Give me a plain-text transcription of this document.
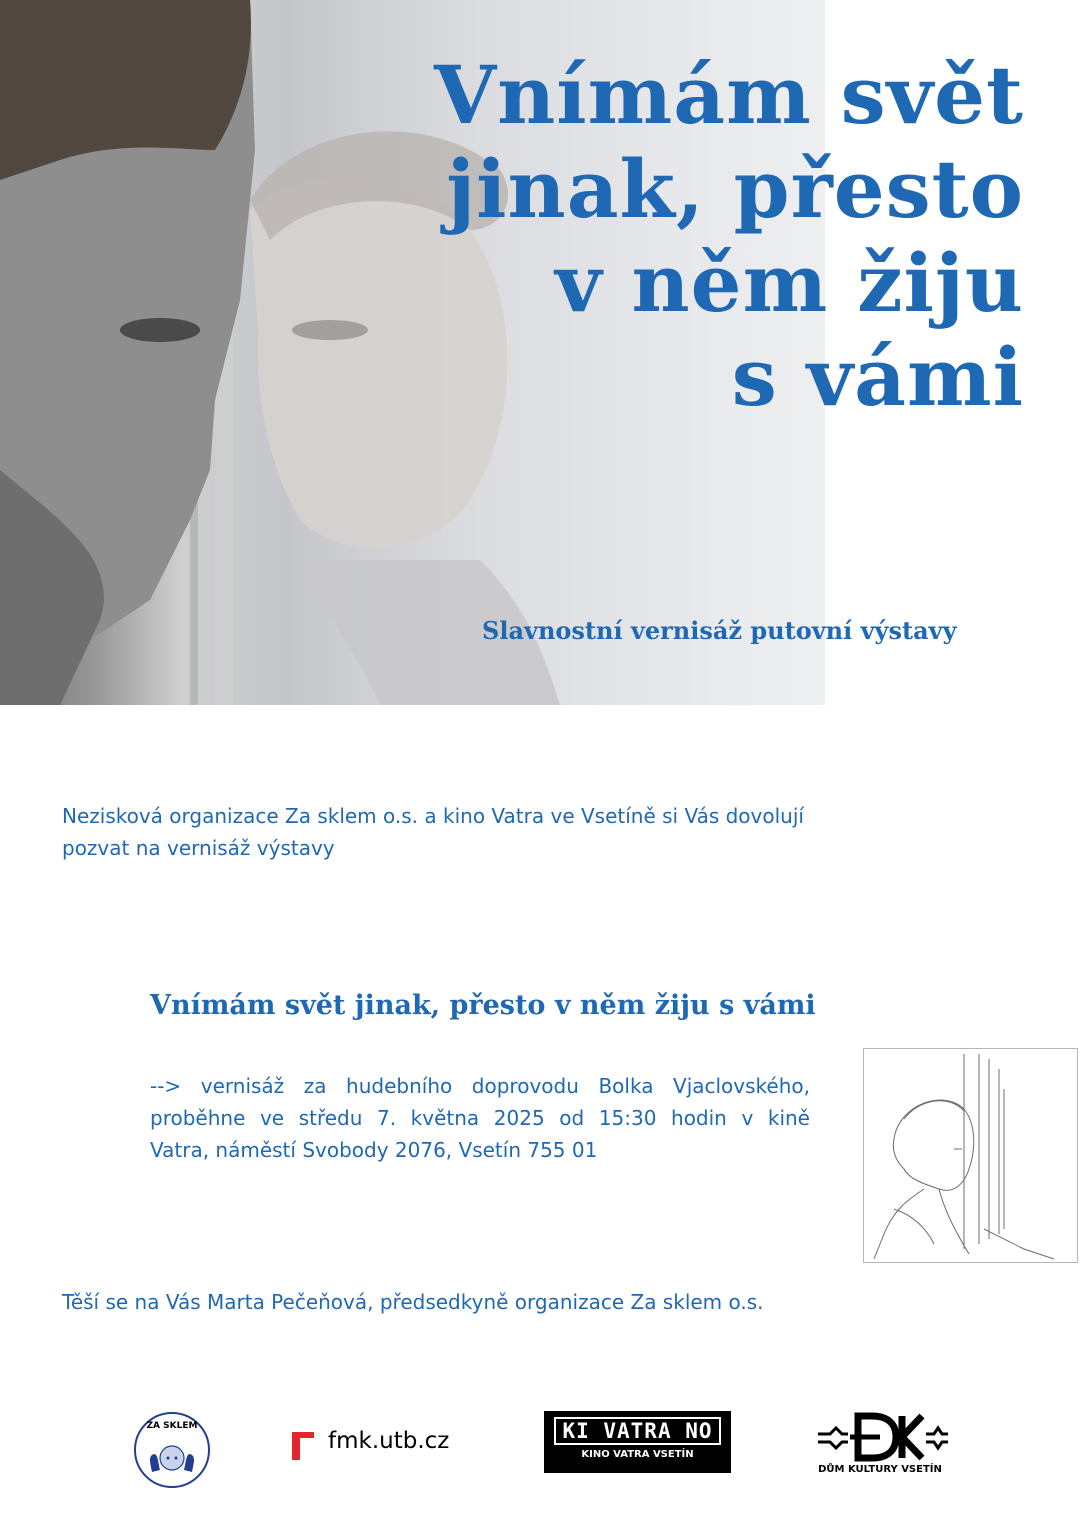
Vnímám svět
jinak, přesto
v něm žiju
s vámi

Slavnostní vernisáž putovní výstavy

Nezisková organizace Za sklem o.s. a kino Vatra ve Vsetíně si Vás dovolují
pozvat na vernisáž výstavy

Vnímám svět jinak, přesto v něm žiju s vámi

--> vernisáž za hudebního doprovodu Bolka Vjaclovského,
proběhne ve středu 7. května 2025 od 15:30 hodin v kině
Vatra, náměstí Svobody 2076, Vsetín 755 01

Těší se na Vás Marta Pečeňová, předsedkyně organizace Za sklem o.s.

ZA SKLEM
fmk.utb.cz	KI VATRA NO
KINO VATRA VSETÍN
DŮM KULTURY VSETÍN
